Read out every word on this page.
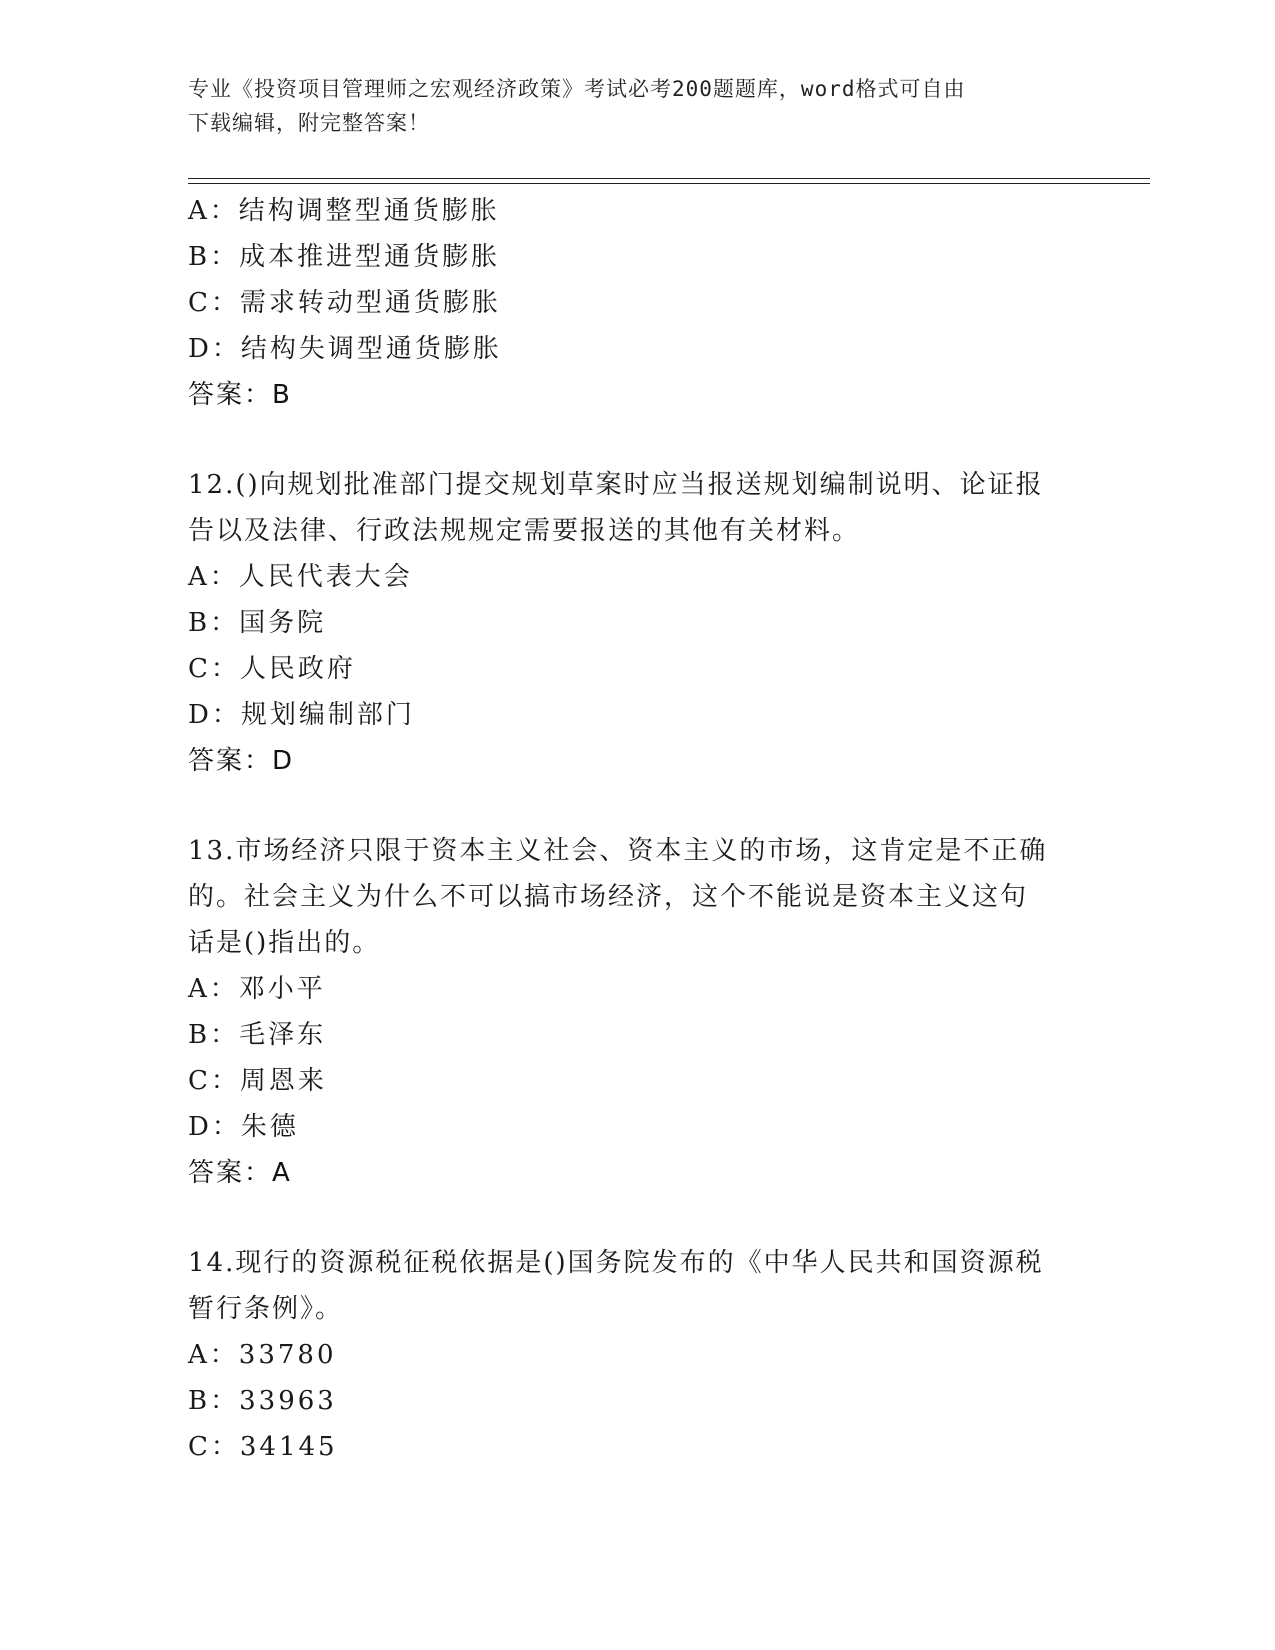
专业《投资项目管理师之宏观经济政策》考试必考200题题库，word格式可自由
下载编辑，附完整答案！
A：结构调整型通货膨胀
B：成本推进型通货膨胀
C：需求转动型通货膨胀
D：结构失调型通货膨胀
答案：B
12.()向规划批准部门提交规划草案时应当报送规划编制说明、论证报
告以及法律、行政法规规定需要报送的其他有关材料。
A：人民代表大会
B：国务院
C：人民政府
D：规划编制部门
答案：D
13.市场经济只限于资本主义社会、资本主义的市场，这肯定是不正确
的。社会主义为什么不可以搞市场经济，这个不能说是资本主义这句
话是()指出的。
A：邓小平
B：毛泽东
C：周恩来
D：朱德
答案：A
14.现行的资源税征税依据是()国务院发布的《中华人民共和国资源税
暂行条例》。
A：33780
B：33963
C：34145
